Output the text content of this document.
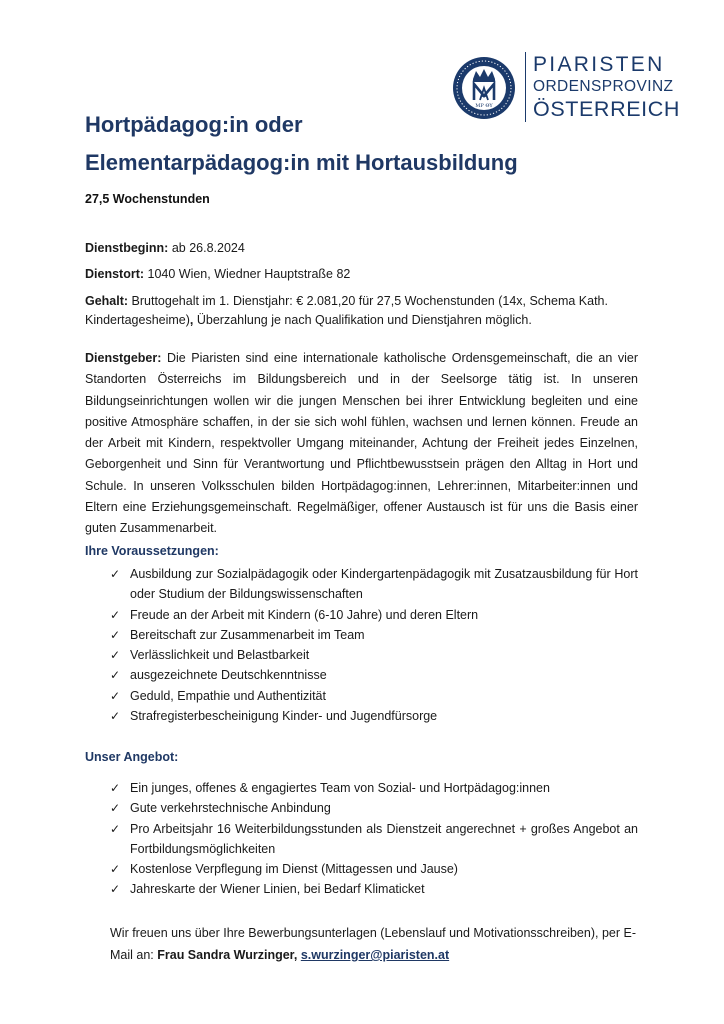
MP ΘY
PIARISTEN
ORDENSPROVINZ
ÖSTERREICH
Hortpädagog:in oder
Elementarpädagog:in mit Hortausbildung
27,5 Wochenstunden
Dienstbeginn: ab 26.8.2024
Dienstort: 1040 Wien, Wiedner Hauptstraße 82
Gehalt: Bruttogehalt im 1. Dienstjahr: € 2.081,20 für 27,5 Wochenstunden (14x, Schema Kath. Kindertagesheime), Überzahlung je nach Qualifikation und Dienstjahren möglich.
Dienstgeber: Die Piaristen sind eine internationale katholische Ordensgemeinschaft, die an vier Standorten Österreichs im Bildungsbereich und in der Seelsorge tätig ist. In unseren Bildungseinrichtungen wollen wir die jungen Menschen bei ihrer Entwicklung begleiten und eine positive Atmosphäre schaffen, in der sie sich wohl fühlen, wachsen und lernen können. Freude an der Arbeit mit Kindern, respektvoller Umgang miteinander, Achtung der Freiheit jedes Einzelnen, Geborgenheit und Sinn für Verantwortung und Pflichtbewusstsein prägen den Alltag in Hort und Schule. In unseren Volksschulen bilden Hortpädagog:innen, Lehrer:innen, Mitarbeiter:innen und Eltern eine Erziehungsgemeinschaft. Regelmäßiger, offener Austausch ist für uns die Basis einer guten Zusammenarbeit.
Ihre Voraussetzungen:
✓ Ausbildung zur Sozialpädagogik oder Kindergartenpädagogik mit Zusatzausbildung für Hort oder Studium der Bildungswissenschaften
✓ Freude an der Arbeit mit Kindern (6-10 Jahre) und deren Eltern
✓ Bereitschaft zur Zusammenarbeit im Team
✓ Verlässlichkeit und Belastbarkeit
✓ ausgezeichnete Deutschkenntnisse
✓ Geduld, Empathie und Authentizität
✓ Strafregisterbescheinigung Kinder- und Jugendfürsorge
Unser Angebot:
✓ Ein junges, offenes & engagiertes Team von Sozial- und Hortpädagog:innen
✓ Gute verkehrstechnische Anbindung
✓ Pro Arbeitsjahr 16 Weiterbildungsstunden als Dienstzeit angerechnet + großes Angebot an Fortbildungsmöglichkeiten
✓ Kostenlose Verpflegung im Dienst (Mittagessen und Jause)
✓ Jahreskarte der Wiener Linien, bei Bedarf Klimaticket
Wir freuen uns über Ihre Bewerbungsunterlagen (Lebenslauf und Motivationsschreiben), per E-Mail an: Frau Sandra Wurzinger, s.wurzinger@piaristen.at
